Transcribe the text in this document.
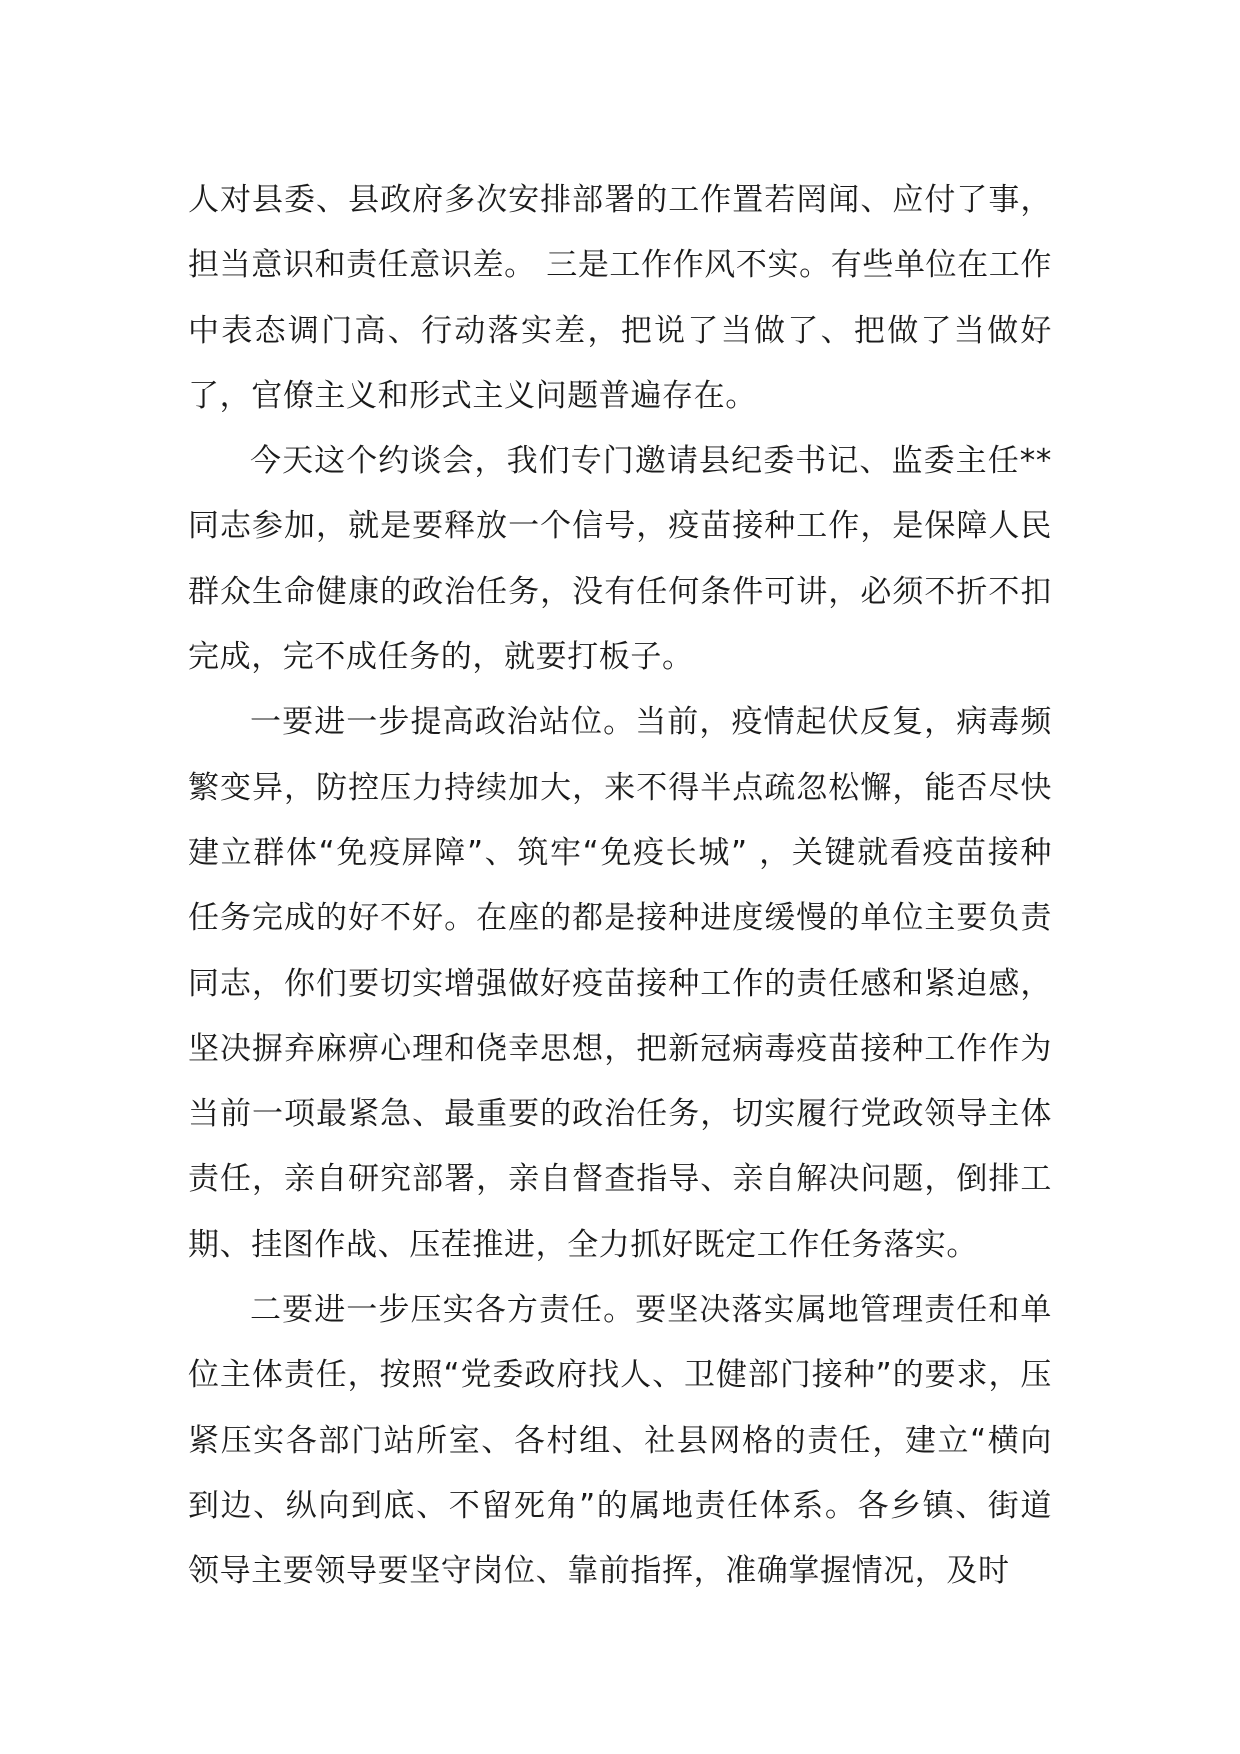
人对县委、县政府多次安排部署的工作置若罔闻、应付了事，担当意识和责任意识差。 三是工作作风不实。有些单位在工作中表态调门高、行动落实差，把说了当做了、把做了当做好了，官僚主义和形式主义问题普遍存在。

今天这个约谈会，我们专门邀请县纪委书记、监委主任**同志参加，就是要释放一个信号，疫苗接种工作，是保障人民群众生命健康的政治任务，没有任何条件可讲，必须不折不扣完成，完不成任务的，就要打板子。

一要进一步提高政治站位。当前，疫情起伏反复，病毒频繁变异，防控压力持续加大，来不得半点疏忽松懈，能否尽快建立群体“免疫屏障”、筑牢“免疫长城” ，关键就看疫苗接种任务完成的好不好。在座的都是接种进度缓慢的单位主要负责同志，你们要切实增强做好疫苗接种工作的责任感和紧迫感，坚决摒弃麻痹心理和侥幸思想，把新冠病毒疫苗接种工作作为当前一项最紧急、最重要的政治任务，切实履行党政领导主体责任，亲自研究部署，亲自督查指导、亲自解决问题，倒排工期、挂图作战、压茬推进，全力抓好既定工作任务落实。

二要进一步压实各方责任。要坚决落实属地管理责任和单位主体责任，按照“党委政府找人、卫健部门接种”的要求，压紧压实各部门站所室、各村组、社县网格的责任，建立“横向到边、纵向到底、不留死角”的属地责任体系。各乡镇、街道领导主要领导要坚守岗位、靠前指挥，准确掌握情况，及时
